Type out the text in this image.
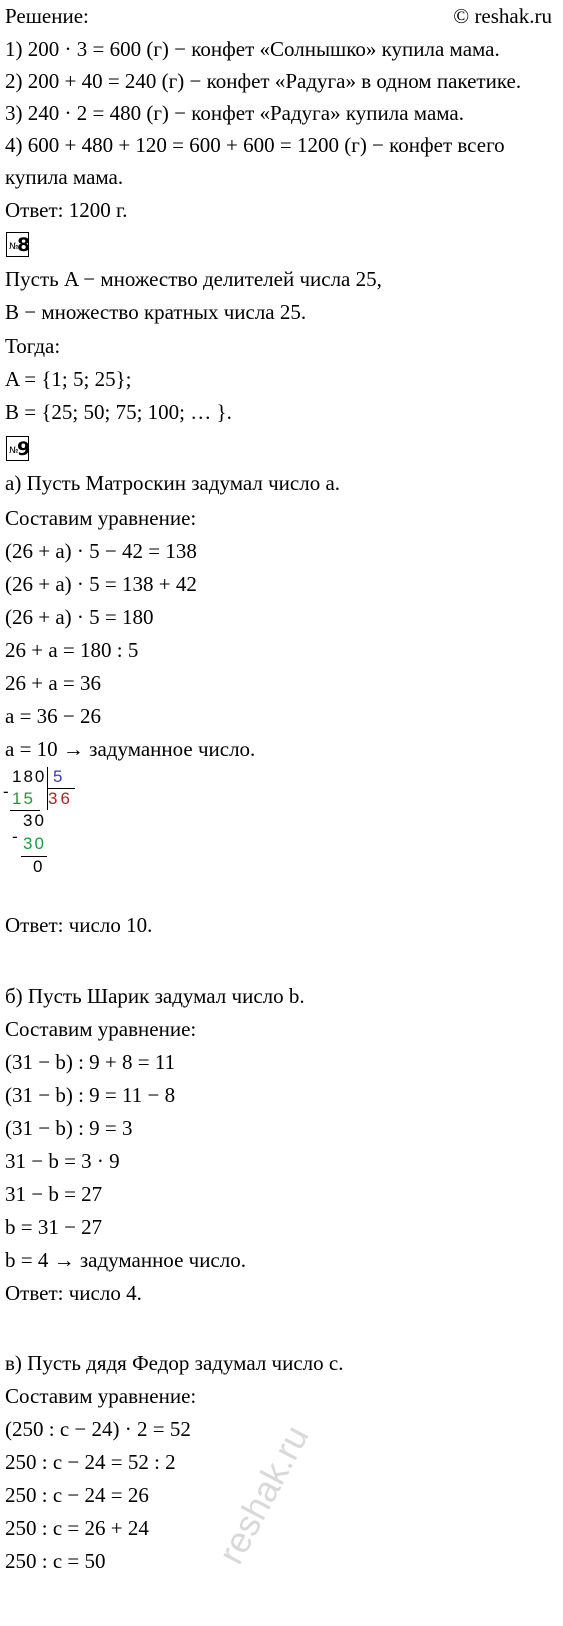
Решение:	© reshak.ru
1) 200 · 3 = 600 (г) − конфет «Солнышко» купила мама.
2) 200 + 40 = 240 (г) − конфет «Радуга» в одном пакетике.
3) 240 · 2 = 480 (г) − конфет «Радуга» купила мама.
4) 600 + 480 + 120 = 600 + 600 = 1200 (г) − конфет всего
купила мама.
Ответ: 1200 г.
№
8
Пусть A − множество делителей числа 25,
B − множество кратных числа 25.
Тогда:
A = {1; 5; 25};
B = {25; 50; 75; 100; … }.
№
9
а) Пусть Матроскин задумал число a.
Составим уравнение:
(26 + a) · 5 − 42 = 138
(26 + a) · 5 = 138 + 42
(26 + a) · 5 = 180
26 + a = 180 : 5
26 + a = 36
a = 36 − 26
a = 10 → задуманное число.
180 5
- 15 36
30
- 30
0
Ответ: число 10.
б) Пусть Шарик задумал число b.
Составим уравнение:
(31 − b) : 9 + 8 = 11
(31 − b) : 9 = 11 − 8
(31 − b) : 9 = 3
31 − b = 3 · 9
31 − b = 27
b = 31 − 27
b = 4 → задуманное число.
Ответ: число 4.
в) Пусть дядя Федор задумал число c.
Составим уравнение:
(250 : c − 24) · 2 = 52
250 : c − 24 = 52 : 2
250 : c − 24 = 26
250 : c = 26 + 24
250 : c = 50	reshak.ru
